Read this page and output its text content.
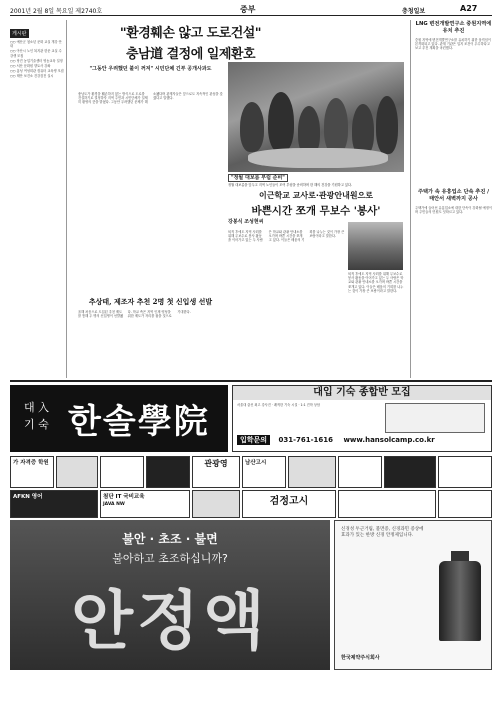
2001년 2월 8일 목요일 제2740호	중부	충청일보	A27
게시판

○○ 예산군 청소년 문화 교실 개강 안내

○○ 아산시 노인 복지관 한문 교실 수강생 모집

○○ 당진 농업기술센터 영농교육 일정

○○ 서산 문화원 향토사 강좌

○○ 홍성 여성회관 컴퓨터 교육생 모집

○○ 태안 보건소 건강검진 실시

"환경훼손 않고 도로건설"
충남道 결정에 일제환호
"그동안 우려했던 불이 꺼져" 시민단체 긴부 공개사과도
충남도가 환경을 훼손하지 않는 방식으로 도로를 건설하기로 결정하자 지역 주민과 시민단체가 일제히 환영의 뜻을 밝혔다. 그동안 우려했던 문제가 해소됐다며 관계자들은 앞으로도 지속적인 관심을 갖겠다고 말했다.
"정월 대보름 부럼 준비"
정월 대보름을 앞두고 지역 노인들이 모여 부럼을 준비하며 한 해의 건강을 기원하고 있다.
이근학교 교사로·관광안내원으로
바쁜시간 쪼개 무보수 '봉사'
강봉식 조성현씨
퇴직 후에도 지역 사회를 위해 무보수로 봉사 활동을 이어가고 있는 두 사람은 학교와 관광 안내소를 오가며 바쁜 시간을 쪼개고 있다. 이들은 배움의 기회를 나누는 것이 가장 큰 보람이라고 말한다.
퇴직 후에도 지역 사회를 위해 무보수로 봉사 활동을 이어가고 있는 두 사람은 학교와 관광 안내소를 오가며 바쁜 시간을 쪼개고 있다. 이들은 배움의 기회를 나누는 것이 가장 큰 보람이라고 말한다.
LNG 변전개발연구소 중원지역에 유치 추진
중원 지역에 변전개발연구소를 유치하기 위한 움직임이 본격화되고 있다. 관계 기관은 입지 조건이 우수하다고 보고 추진 계획을 마련했다.
주택가 속 유흥업소 단속 추진 / 태안서 새벽까지 공사
주택가에 들어선 유흥업소에 대한 단속이 강화될 예정이며 주민들의 민원도 잇따르고 있다.
추상태, 제조자 추천 2명 첫 신입생 선발
올해 처음으로 도입된 추천 제도를 통해 두 명의 신입생이 선발됐다. 학교 측은 지역 인재 양성을 위한 제도가 자리를 잡을 것으로 기대한다.
대 入
기 숙 한솔學院
대입 기숙 종합반 모집
서울대 출신 최고 강사진 · 쾌적한 기숙 시설 · 1:1 진학 상담
입학문의 031-761-1616 www.hansolcamp.co.kr
가 자격증 학원	관광영	남산고시
AFKN 영어	첨단 IT 국비교육
JAVA NW	검정고시
불안 · 초조 · 불면
불아하고 초조하십니까?
안정액
신경성 두근거림, 불면증, 신경과민 증상에 효과가 있는 한방 신경 안정제입니다.
한국제약주식회사
